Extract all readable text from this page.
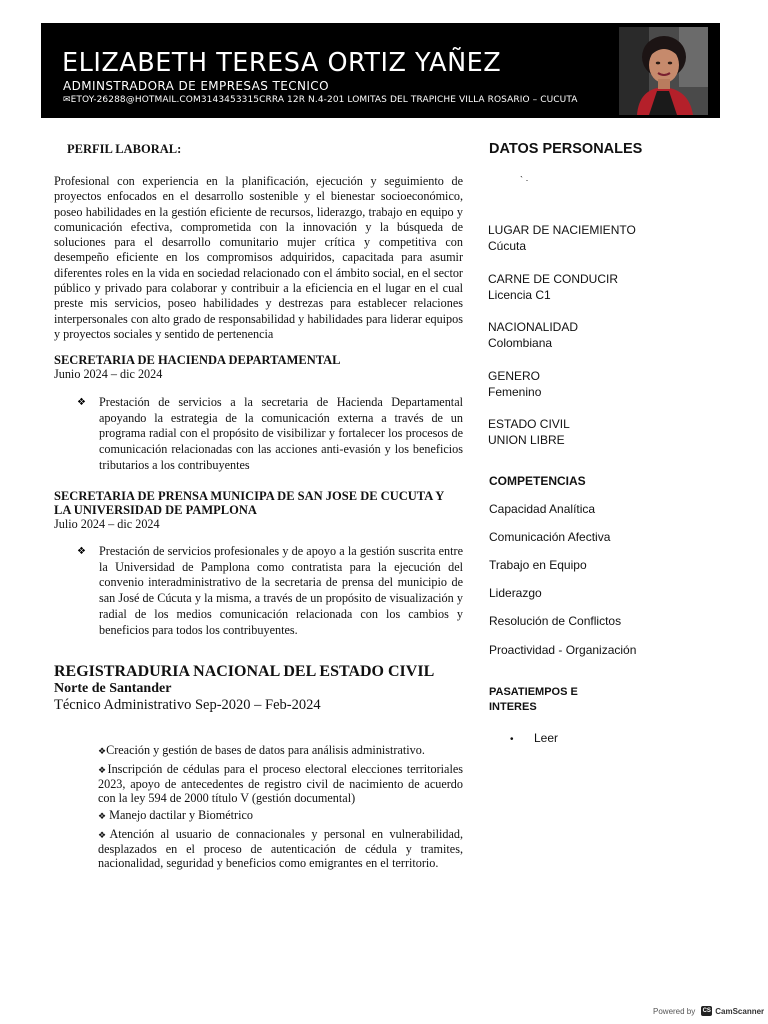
ELIZABETH TERESA ORTIZ YAÑEZ
ADMINSTRADORA DE EMPRESAS TECNICO
✉ETOY-26288@HOTMAIL.COM3143453315CRRA 12R N.4-201 LOMITAS DEL TRAPICHE VILLA ROSARIO – CUCUTA
PERFIL LABORAL:
Profesional con experiencia en la planificación, ejecución y seguimiento de proyectos enfocados en el desarrollo sostenible y el bienestar socioeconómico, poseo habilidades en la gestión eficiente de recursos, liderazgo, trabajo en equipo y comunicación efectiva, comprometida con la innovación y la búsqueda de soluciones para el desarrollo comunitario mujer crítica y competitiva con desempeño eficiente en los compromisos adquiridos, capacitada para asumir diferentes roles en la vida en sociedad relacionado con el ámbito social, en el sector público y privado para colaborar y contribuir a la eficiencia en el lugar en el cual preste mis servicios, poseo habilidades y destrezas para establecer relaciones interpersonales con alto grado de responsabilidad y habilidades para liderar equipos y proyectos sociales y sentido de pertenencia
SECRETARIA DE HACIENDA DEPARTAMENTAL
Junio 2024 – dic 2024
❖	Prestación de servicios a la secretaria de Hacienda Departamental apoyando la estrategia de la comunicación externa a través de un programa radial con el propósito de visibilizar y fortalecer los procesos de comunicación relacionadas con las acciones anti-evasión y los beneficios tributarios a los contribuyentes
SECRETARIA DE PRENSA MUNICIPA DE SAN JOSE DE CUCUTA Y LA UNIVERSIDAD DE PAMPLONA
Julio 2024 – dic 2024
❖	Prestación de servicios profesionales y de apoyo a la gestión suscrita entre la Universidad de Pamplona como contratista para la ejecución del convenio interadministrativo de la secretaria de prensa del municipio de san José de Cúcuta y la misma, a través de un propósito de visualización y radial de los medios comunicación relacionada con los cambios y beneficios para todos los contribuyentes.
REGISTRADURIA NACIONAL DEL ESTADO CIVIL
Norte de Santander
Técnico Administrativo Sep-2020 – Feb-2024
❖Creación y gestión de bases de datos para análisis administrativo.
❖Inscripción de cédulas para el proceso electoral elecciones territoriales 2023, apoyo de antecedentes de registro civil de nacimiento de acuerdo con la ley 594 de 2000 título V (gestión documental)
❖ Manejo dactilar y Biométrico
❖Atención al usuario de connacionales y personal en vulnerabilidad, desplazados en el proceso de autenticación de cédula y tramites, nacionalidad, seguridad y beneficios como emigrantes en el territorio.
DATOS PERSONALES
` ·
LUGAR DE NACIEMIENTO
Cúcuta
CARNE DE CONDUCIR
Licencia C1
NACIONALIDAD
Colombiana
GENERO
Femenino
ESTADO CIVIL
UNION LIBRE
COMPETENCIAS
Capacidad Analítica
Comunicación Afectiva
Trabajo en Equipo
Liderazgo
Resolución de Conflictos
Proactividad - Organización
PASATIEMPOS E
INTERES
• Leer
Powered by CS CamScanner
